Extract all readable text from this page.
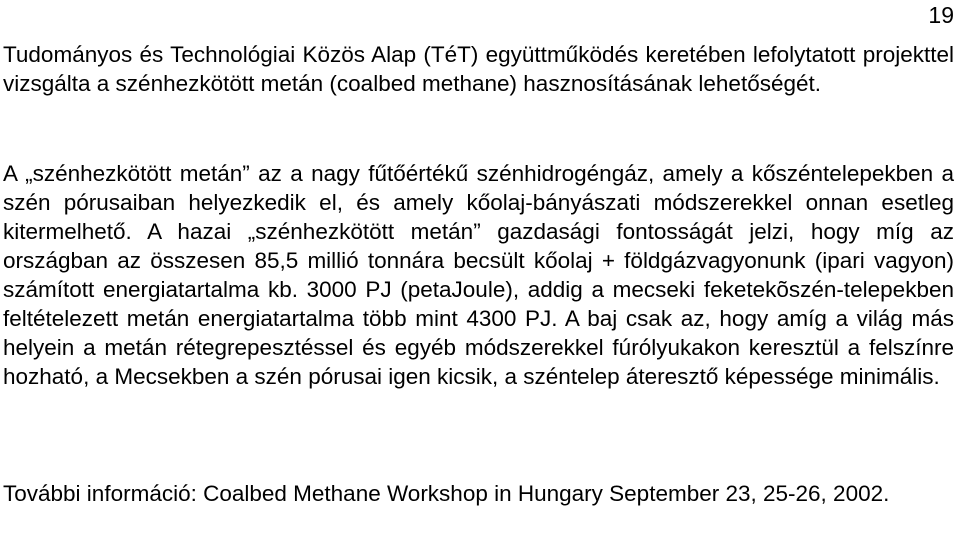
19

Tudományos és Technológiai Közös Alap (TéT) együttműködés keretében lefolytatott projekttel vizsgálta a szénhezkötött metán (coalbed methane) hasznosításának lehetőségét.

A „szénhezkötött metán” az a nagy fűtőértékű szénhidrogéngáz, amely a kőszéntelepekben a szén pórusaiban helyezkedik el, és amely kőolaj-bányászati módszerekkel onnan esetleg kitermelhető. A hazai „szénhezkötött metán” gazdasági fontosságát jelzi, hogy míg az országban az összesen 85,5 millió tonnára becsült kőolaj + földgázvagyonunk (ipari vagyon) számított energiatartalma kb. 3000 PJ (petaJoule), addig a mecseki feketekõszén-telepekben feltételezett metán energiatartalma több mint 4300 PJ. A baj csak az, hogy amíg a világ más helyein a metán rétegrepesztéssel és egyéb módszerekkel fúrólyukakon keresztül a felszínre hozható, a Mecsekben a szén pórusai igen kicsik, a széntelep áteresztő képessége minimális.

További információ: Coalbed Methane Workshop in Hungary September 23, 25-26, 2002.
